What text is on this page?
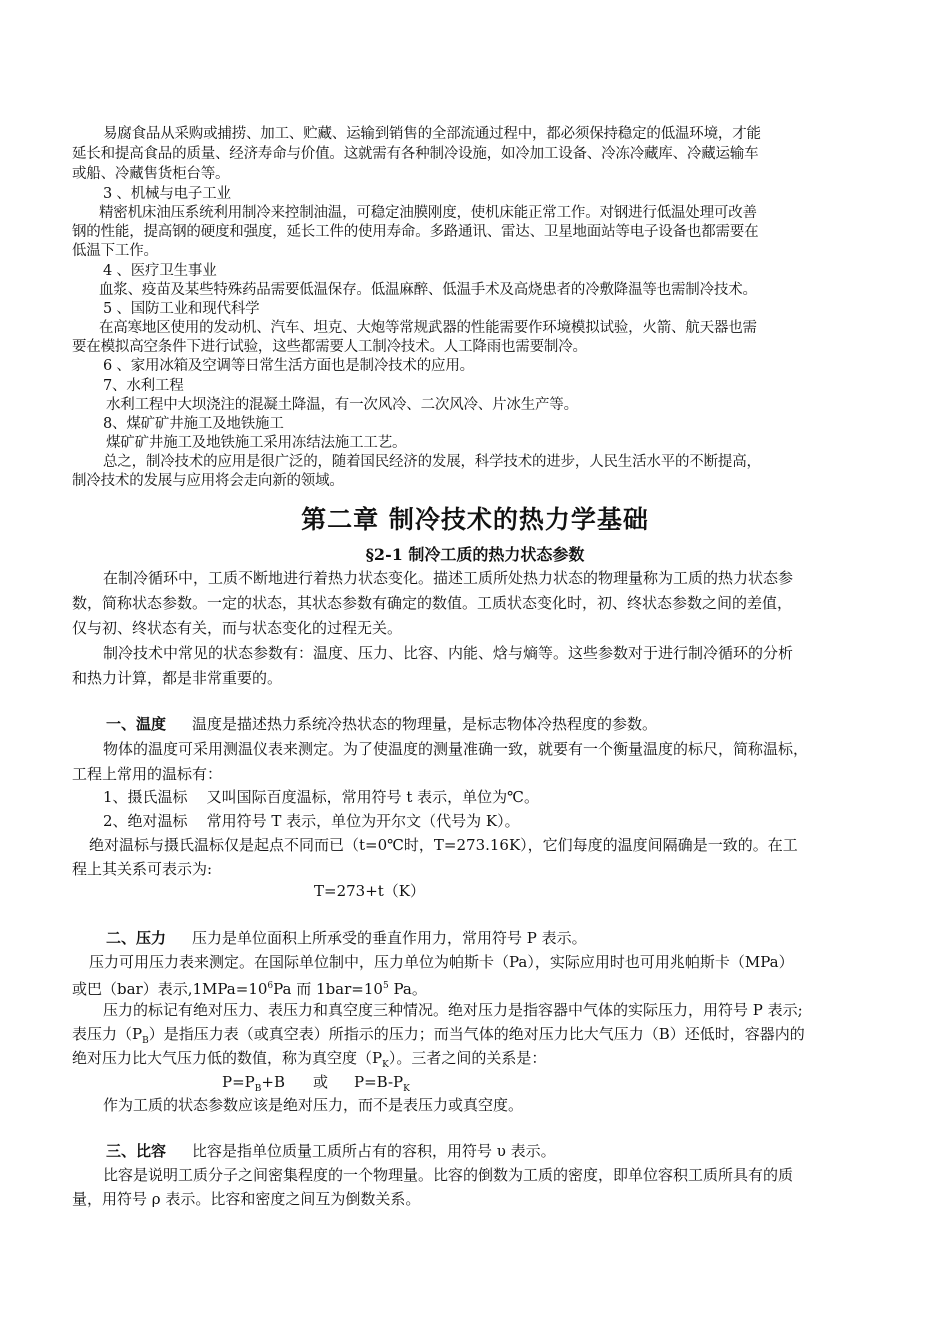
易腐食品从采购或捕捞、加工、贮藏、运输到销售的全部流通过程中，都必须保持稳定的低温环境，才能
延长和提高食品的质量、经济寿命与价值。这就需有各种制冷设施，如冷加工设备、冷冻冷藏库、冷藏运输车
或船、冷藏售货柜台等。
3 、机械与电子工业
精密机床油压系统利用制冷来控制油温，可稳定油膜刚度，使机床能正常工作。对钢进行低温处理可改善
钢的性能，提高钢的硬度和强度，延长工件的使用寿命。多路通讯、雷达、卫星地面站等电子设备也都需要在
低温下工作。
4 、医疗卫生事业
血浆、疫苗及某些特殊药品需要低温保存。低温麻醉、低温手术及高烧患者的冷敷降温等也需制冷技术。
5 、国防工业和现代科学
在高寒地区使用的发动机、汽车、坦克、大炮等常规武器的性能需要作环境模拟试验，火箭、航天器也需
要在模拟高空条件下进行试验，这些都需要人工制冷技术。人工降雨也需要制冷。
6 、家用冰箱及空调等日常生活方面也是制冷技术的应用。
7、水利工程
水利工程中大坝浇注的混凝土降温，有一次风冷、二次风冷、片冰生产等。
8、煤矿矿井施工及地铁施工
煤矿矿井施工及地铁施工采用冻结法施工工艺。
总之，制冷技术的应用是很广泛的，随着国民经济的发展，科学技术的进步，人民生活水平的不断提高，
制冷技术的发展与应用将会走向新的领域。
第二章 制冷技术的热力学基础
§2-1 制冷工质的热力状态参数
在制冷循环中，工质不断地进行着热力状态变化。描述工质所处热力状态的物理量称为工质的热力状态参
数，简称状态参数。一定的状态，其状态参数有确定的数值。工质状态变化时，初、终状态参数之间的差值，
仅与初、终状态有关，而与状态变化的过程无关。
制冷技术中常见的状态参数有：温度、压力、比容、内能、焓与熵等。这些参数对于进行制冷循环的分析
和热力计算，都是非常重要的。
一、温度 温度是描述热力系统冷热状态的物理量，是标志物体冷热程度的参数。
物体的温度可采用测温仪表来测定。为了使温度的测量准确一致，就要有一个衡量温度的标尺，简称温标，
工程上常用的温标有：
1、摄氏温标    又叫国际百度温标，常用符号 t 表示，单位为℃。
2、绝对温标    常用符号 T 表示，单位为开尔文（代号为 K）。
绝对温标与摄氏温标仅是起点不同而已（t=0℃时，T=273.16K），它们每度的温度间隔确是一致的。在工
程上其关系可表示为:
T=273+t（K）
二、压力 压力是单位面积上所承受的垂直作用力，常用符号 P 表示。
压力可用压力表来测定。在国际单位制中，压力单位为帕斯卡（Pa），实际应用时也可用兆帕斯卡（MPa）
或巴（bar）表示$,1MPa=10^6Pa$ 而 $1bar=10^5$ Pa。
压力的标记有绝对压力、表压力和真空度三种情况。绝对压力是指容器中气体的实际压力，用符号 P 表示;
表压力$(P_B)$是指压力表（或真空表）所指示的压力；而当气体的绝对压力比大气压力（B）还低时，容器内的
绝对压力比大气压力低的数值，称为真空度$(P_K)$。三者之间的关系是：
$P=P_B+B$ 或 $P=B-P_K$
作为工质的状态参数应该是绝对压力，而不是表压力或真空度。
三、比容 比容是指单位质量工质所占有的容积，用符号 υ 表示。
比容是说明工质分子之间密集程度的一个物理量。比容的倒数为工质的密度，即单位容积工质所具有的质
量，用符号 ρ 表示。比容和密度之间互为倒数关系。
